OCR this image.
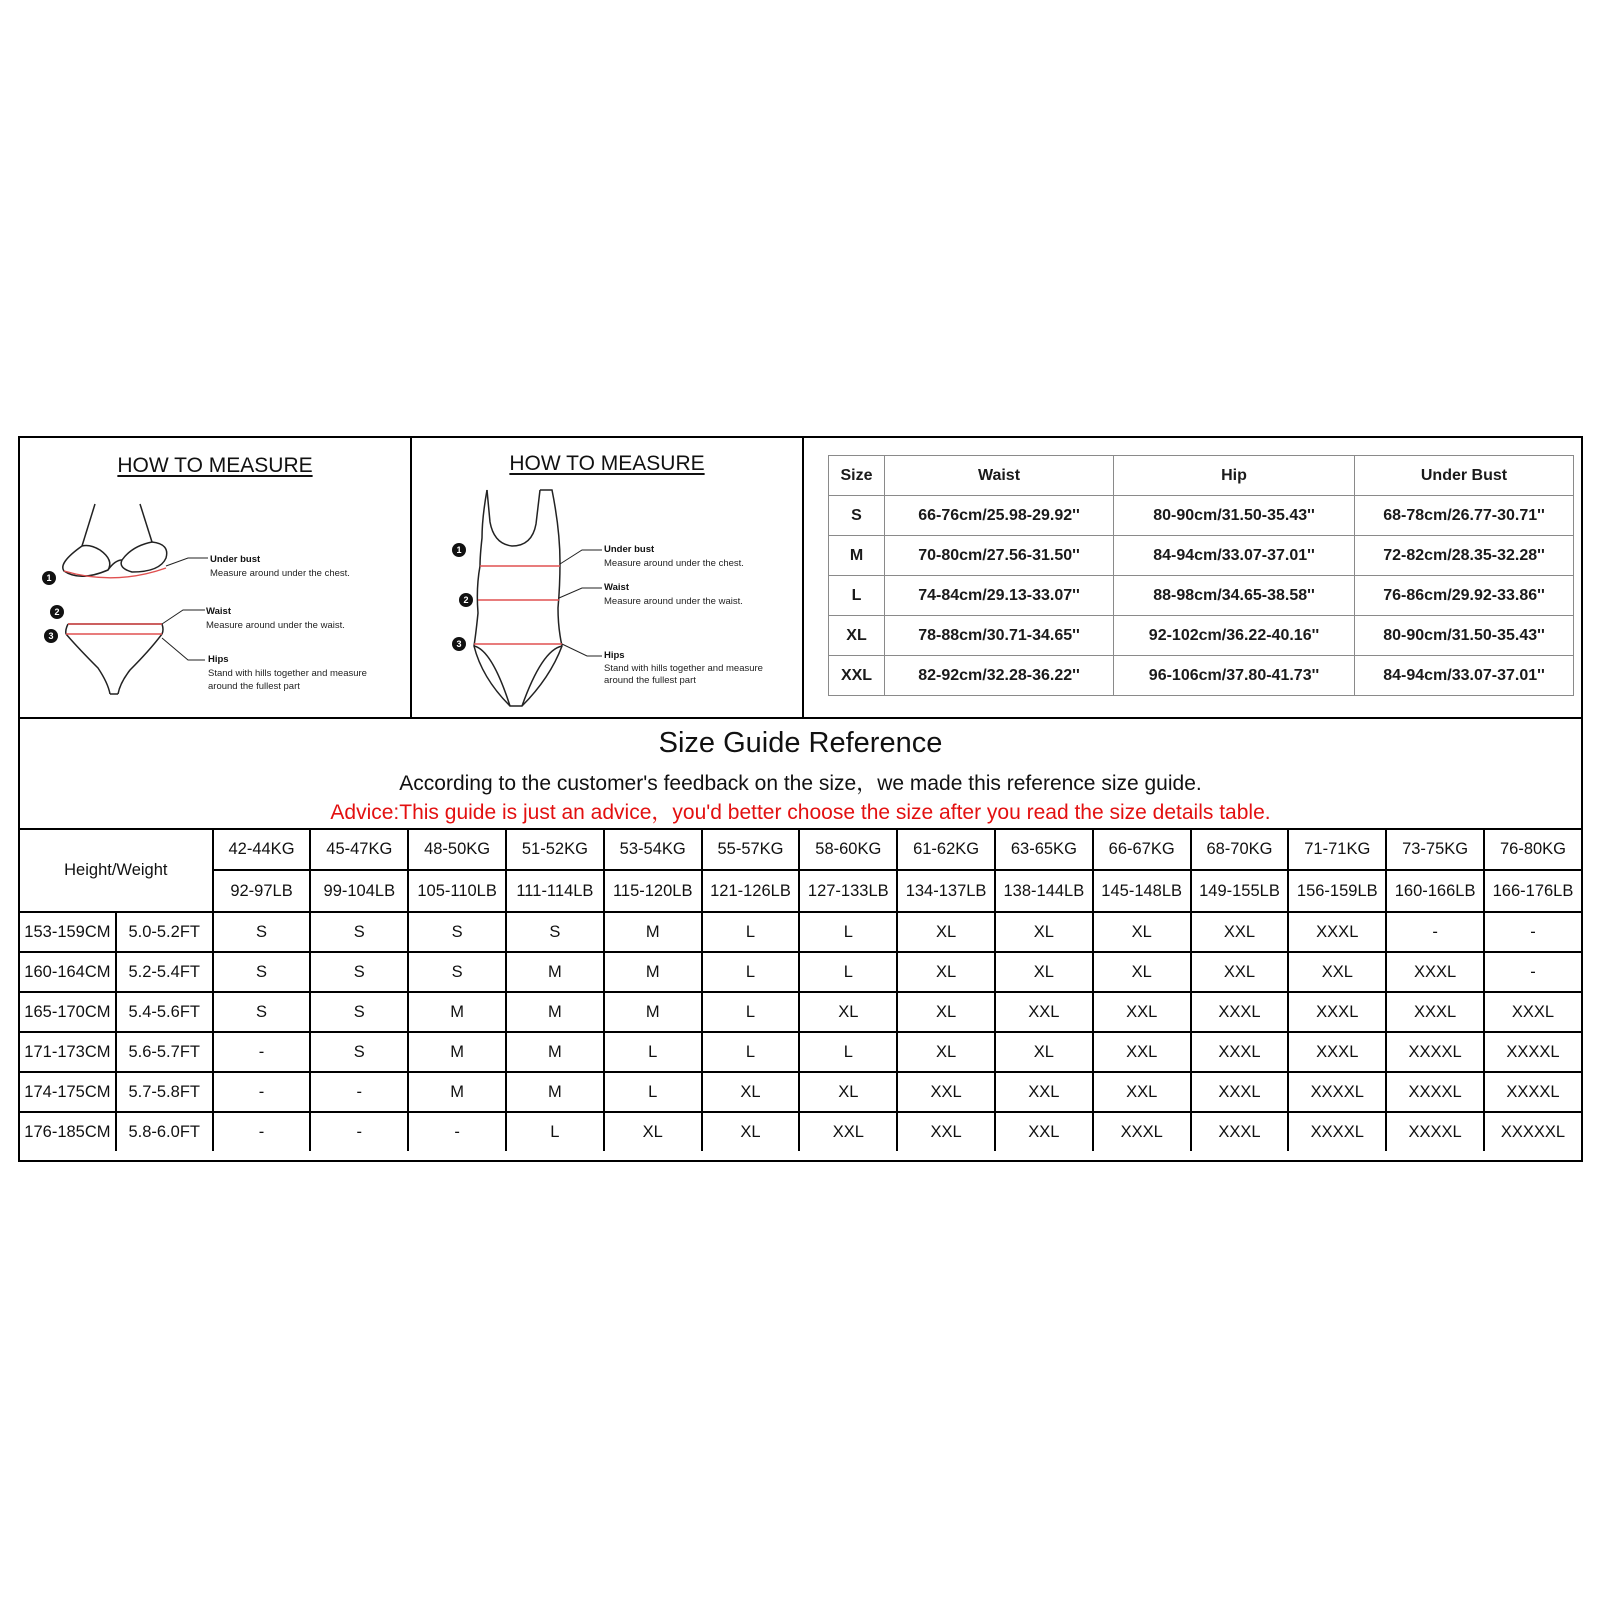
HOW TO MEASURE
1
2
3
Under bust
Measure around under the chest.
Waist
Measure around under the waist.
Hips
Stand with hills together and measure
around the fullest part
HOW TO MEASURE
1
2
3
Under bust
Measure around under the chest.
Waist
Measure around under the waist.
Hips
Stand with hills together and measure
around the fullest part
Size	Waist	Hip	Under Bust
S	66-76cm/25.98-29.92''	80-90cm/31.50-35.43''	68-78cm/26.77-30.71''
M	70-80cm/27.56-31.50''	84-94cm/33.07-37.01''	72-82cm/28.35-32.28''
L	74-84cm/29.13-33.07''	88-98cm/34.65-38.58''	76-86cm/29.92-33.86''
XL	78-88cm/30.71-34.65''	92-102cm/36.22-40.16''	80-90cm/31.50-35.43''
XXL	82-92cm/32.28-36.22''	96-106cm/37.80-41.73''	84-94cm/33.07-37.01''
Size Guide Reference
According to the customer's feedback on the size，we made this reference size guide.
Advice:This guide is just an advice，you'd better choose the size after you read the size details table.
Height/Weight		42-44KG	45-47KG	48-50KG	51-52KG	53-54KG	55-57KG	58-60KG	61-62KG	63-65KG	66-67KG	68-70KG	71-71KG	73-75KG	76-80KG
		92-97LB	99-104LB	105-110LB	111-114LB	115-120LB	121-126LB	127-133LB	134-137LB	138-144LB	145-148LB	149-155LB	156-159LB	160-166LB	166-176LB
153-159CM	5.0-5.2FT	S	S	S	S	M	L	L	XL	XL	XL	XXL	XXXL	-	-
160-164CM	5.2-5.4FT	S	S	S	M	M	L	L	XL	XL	XL	XXL	XXL	XXXL	-
165-170CM	5.4-5.6FT	S	S	M	M	M	L	XL	XL	XXL	XXL	XXXL	XXXL	XXXL	XXXL
171-173CM	5.6-5.7FT	-	S	M	M	L	L	L	XL	XL	XXL	XXXL	XXXL	XXXXL	XXXXL
174-175CM	5.7-5.8FT	-	-	M	M	L	XL	XL	XXL	XXL	XXL	XXXL	XXXXL	XXXXL	XXXXL
176-185CM	5.8-6.0FT	-	-	-	L	XL	XL	XXL	XXL	XXL	XXXL	XXXL	XXXXL	XXXXL	XXXXXL
